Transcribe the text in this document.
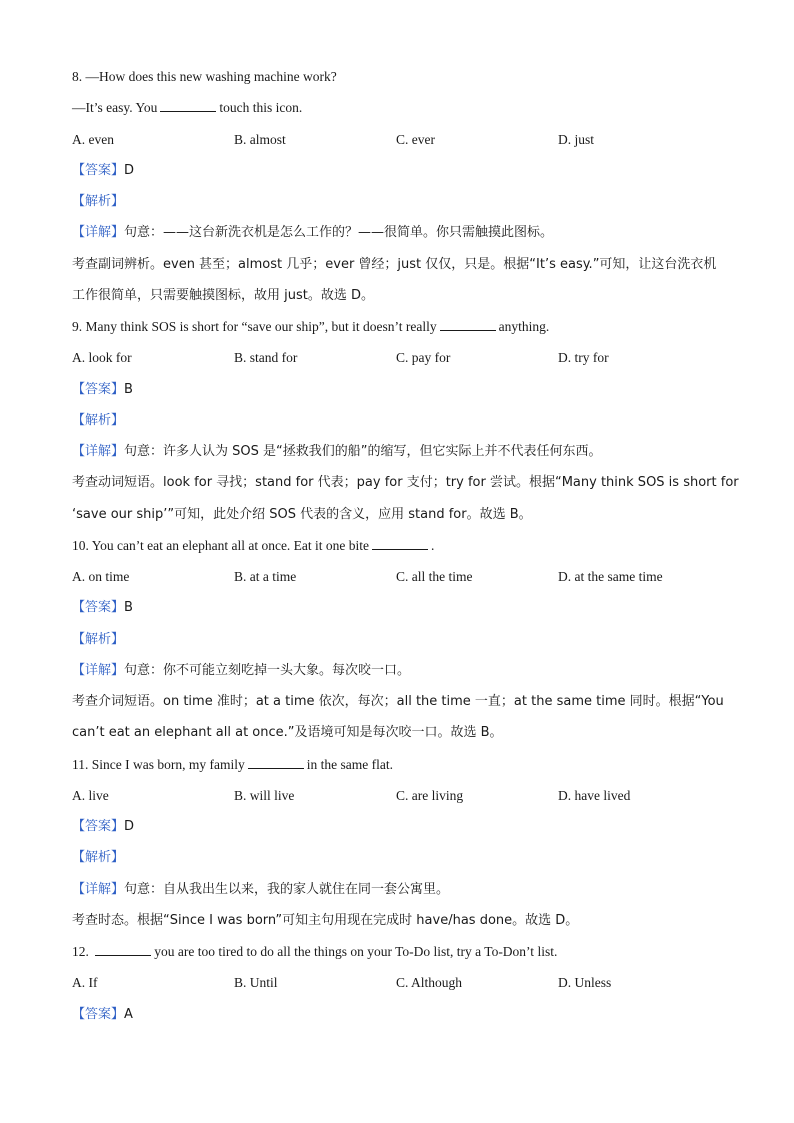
8. —How does this new washing machine work?
—It’s easy. You	touch this icon.
A. even	B. almost	C. ever	D. just
【答案】D
【解析】
【详解】句意：——这台新洗衣机是怎么工作的？——很简单。你只需触摸此图标。
考查副词辨析。even 甚至；almost 几乎；ever 曾经；just 仅仅，只是。根据“It’s easy.”可知，让这台洗衣机
工作很简单，只需要触摸图标，故用 just。故选 D。
9. Many think SOS is short for “save our ship”, but it doesn’t really	anything.
A. look for	B. stand for	C. pay for	D. try for
【答案】B
【解析】
【详解】句意：许多人认为 SOS 是“拯救我们的船”的缩写，但它实际上并不代表任何东西。
考查动词短语。look for 寻找；stand for 代表；pay for 支付；try for 尝试。根据“Many think SOS is short for
‘save our ship’”可知，此处介绍 SOS 代表的含义，应用 stand for。故选 B。
10. You can’t eat an elephant all at once. Eat it one bite	.
A. on time	B. at a time	C. all the time	D. at the same time
【答案】B
【解析】
【详解】句意：你不可能立刻吃掉一头大象。每次咬一口。
考查介词短语。on time 准时；at a time 依次，每次；all the time 一直；at the same time 同时。根据“You
can’t eat an elephant all at once.”及语境可知是每次咬一口。故选 B。
11. Since I was born, my family	in the same flat.
A. live	B. will live	C. are living	D. have lived
【答案】D
【解析】
【详解】句意：自从我出生以来，我的家人就住在同一套公寓里。
考查时态。根据“Since I was born”可知主句用现在完成时 have/has done。故选 D。
12.	you are too tired to do all the things on your To-Do list, try a To-Don’t list.
A. If	B. Until	C. Although	D. Unless
【答案】A
